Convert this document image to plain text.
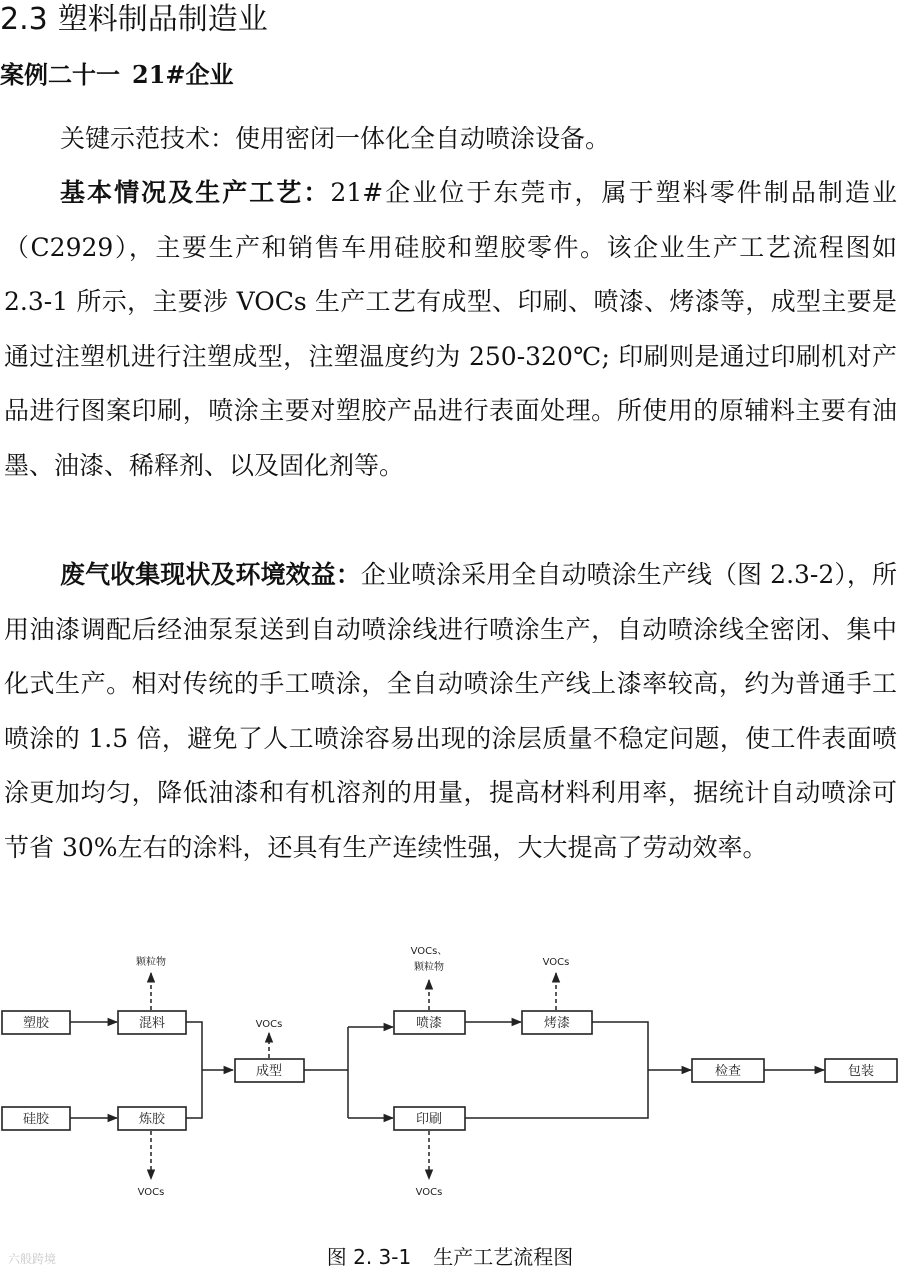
2.3 塑料制品制造业
案例二十一 21#企业

关键示范技术：使用密闭一体化全自动喷涂设备。

基本情况及生产工艺：21#企业位于东莞市，属于塑料零件制品制造业（C2929），主要生产和销售车用硅胶和塑胶零件。该企业生产工艺流程图如 2.3-1 所示，主要涉 VOCs 生产工艺有成型、印刷、喷漆、烤漆等，成型主要是通过注塑机进行注塑成型，注塑温度约为 250-320℃; 印刷则是通过印刷机对产品进行图案印刷，喷涂主要对塑胶产品进行表面处理。所使用的原辅料主要有油墨、油漆、稀释剂、以及固化剂等。

废气收集现状及环境效益：企业喷涂采用全自动喷涂生产线（图 2.3-2），所用油漆调配后经油泵泵送到自动喷涂线进行喷涂生产，自动喷涂线全密闭、集中化式生产。相对传统的手工喷涂，全自动喷涂生产线上漆率较高，约为普通手工喷涂的 1.5 倍，避免了人工喷涂容易出现的涂层质量不稳定问题，使工件表面喷涂更加均匀，降低油漆和有机溶剂的用量，提高材料利用率，据统计自动喷涂可节省 30%左右的涂料，还具有生产连续性强，大大提高了劳动效率。

塑胶
硅胶
混料
炼胶
成型
喷漆	烤漆
印刷
检查	包装
颗粒物
VOCs
VOCs、
颗粒物	VOCs
VOCs	VOCs

图 2. 3-1 生产工艺流程图

六般跨境
